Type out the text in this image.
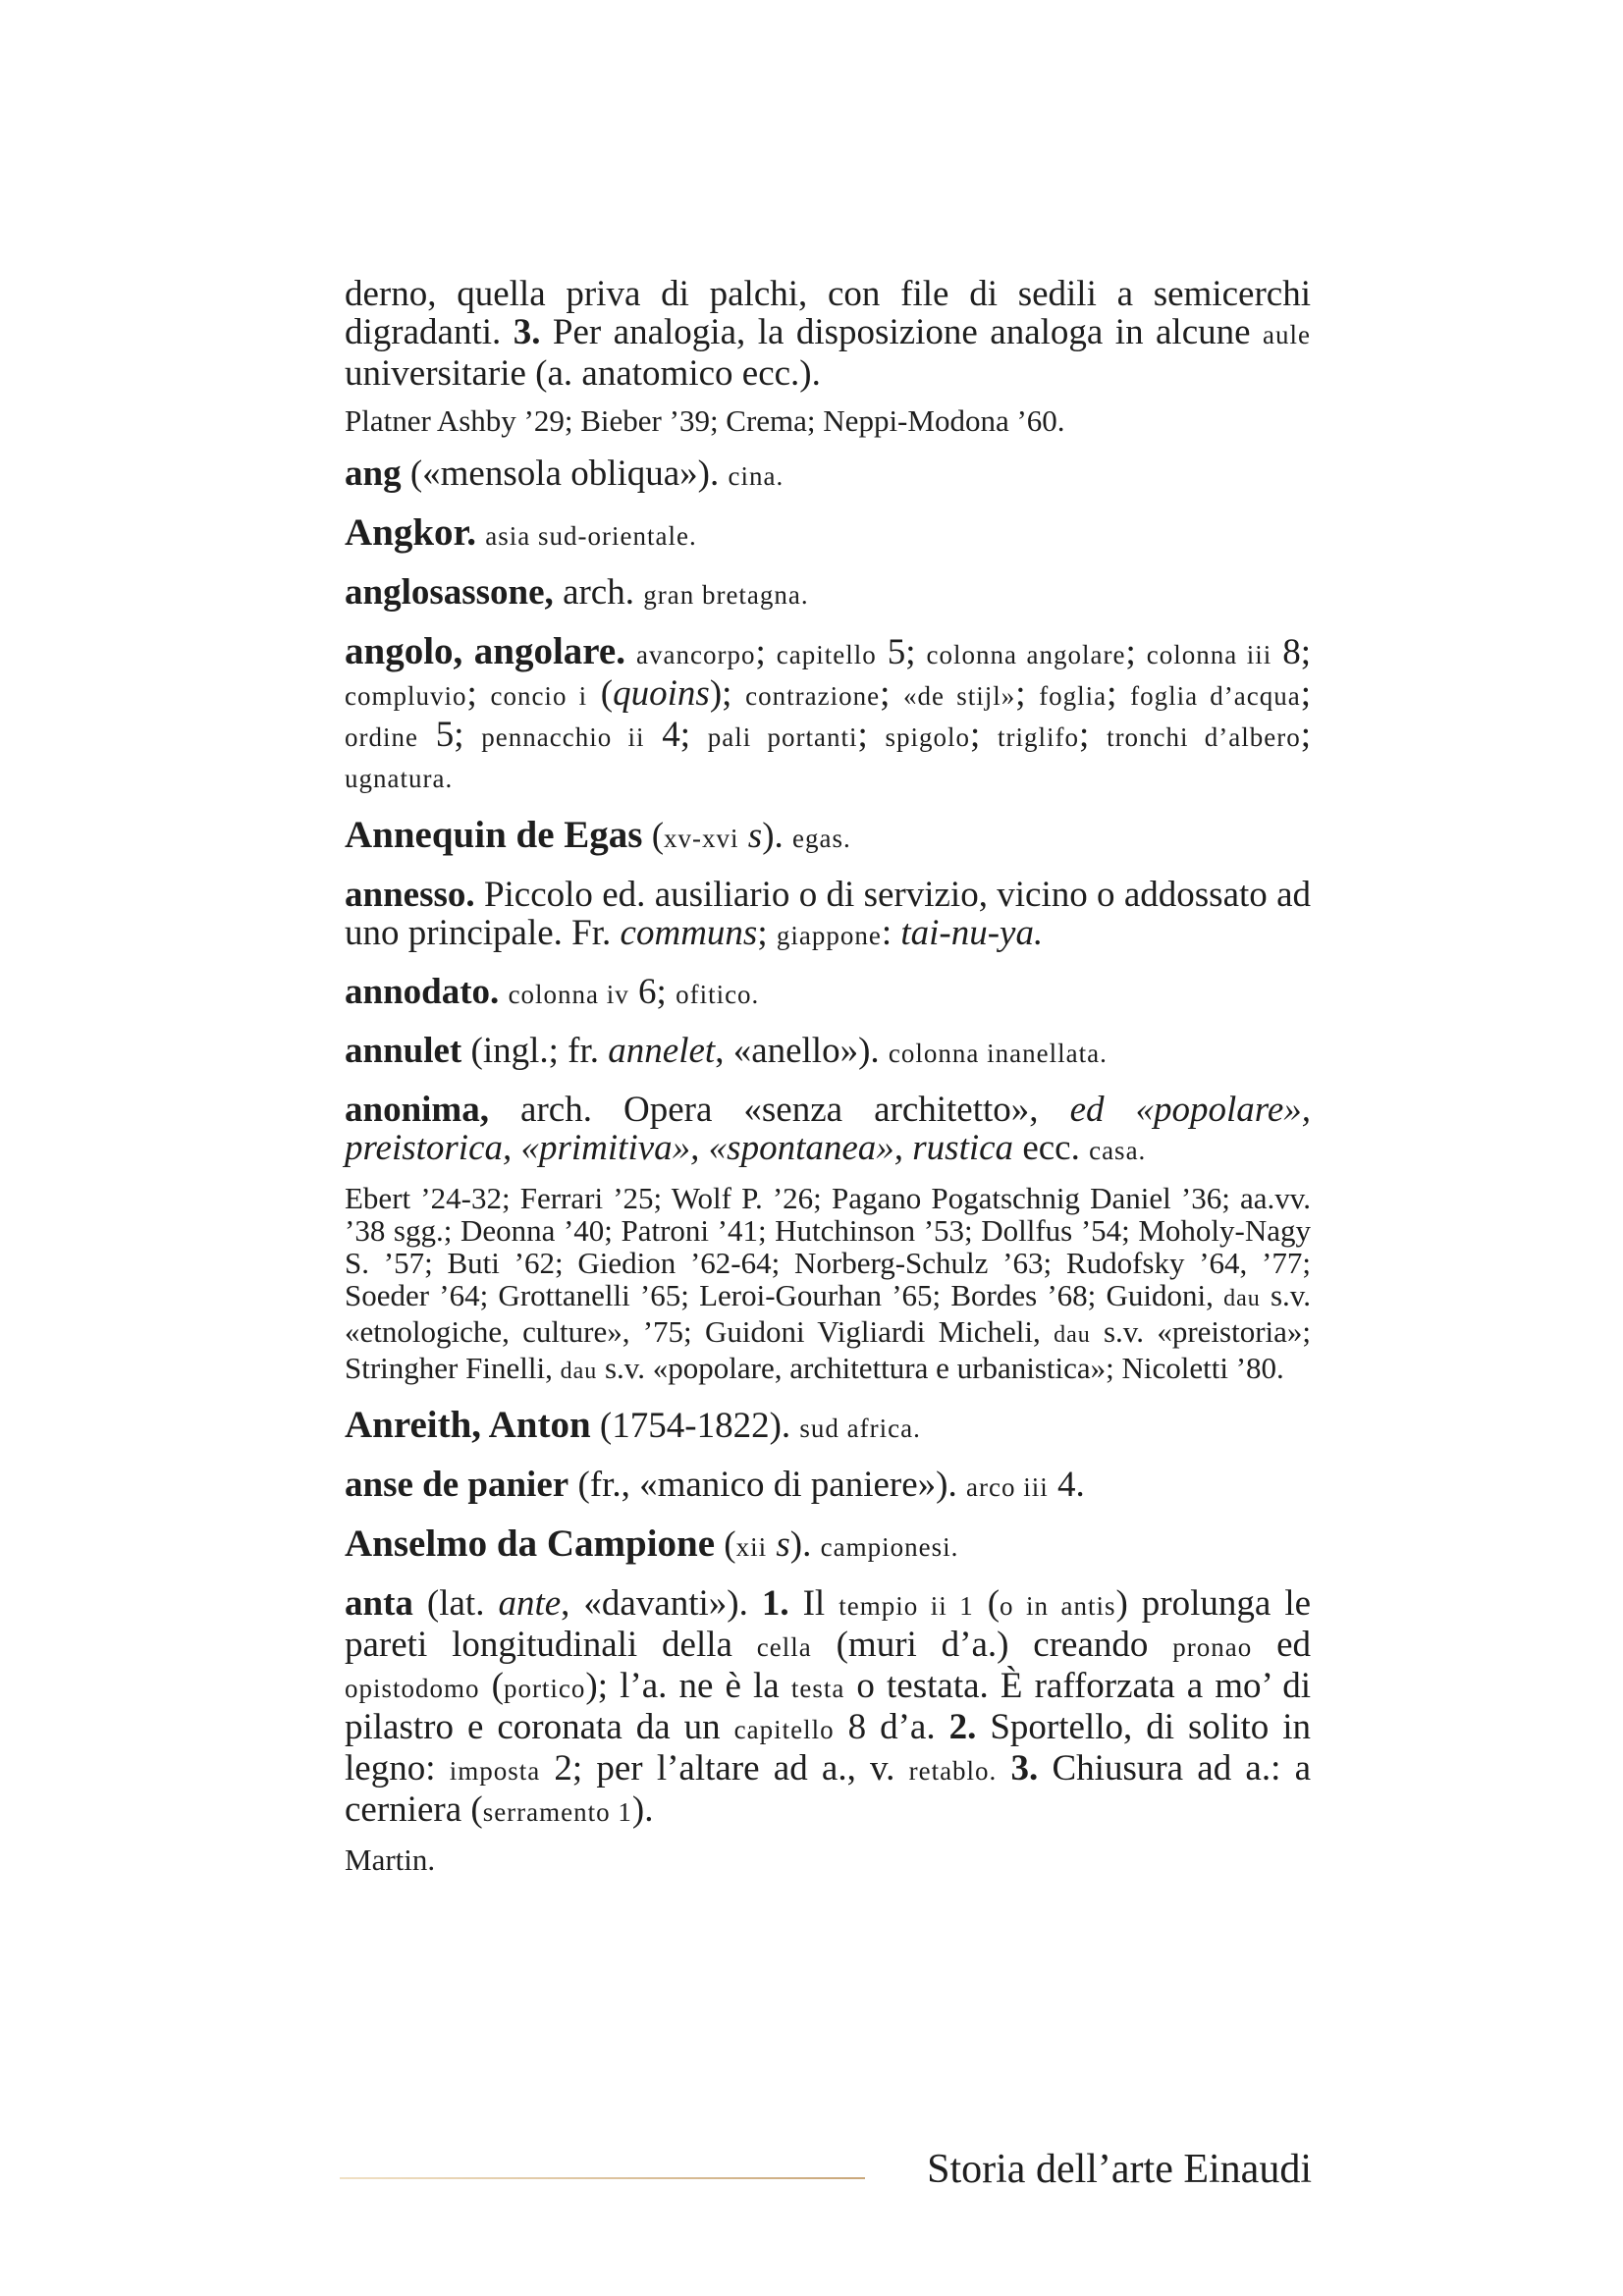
derno, quella priva di palchi, con file di sedili a semicerchi digradanti. 3. Per analogia, la disposizione analoga in alcune aule universitarie (a. anatomico ecc.).
Platner Ashby ’29; Bieber ’39; Crema; Neppi-Modona ’60.
ang («mensola obliqua»). cina.
Angkor. asia sud-orientale.
anglosassone, arch. gran bretagna.
angolo, angolare. avancorpo; capitello 5; colonna angolare; colonna iii 8; compluvio; concio i (quoins); contrazione; «de stijl»; foglia; foglia d’acqua; ordine 5; pennacchio ii 4; pali portanti; spigolo; triglifo; tronchi d’albero; ugnatura.
Annequin de Egas (xv-xvi s). egas.
annesso. Piccolo ed. ausiliario o di servizio, vicino o addossato ad uno principale. Fr. communs; giappone: tai-nu-ya.
annodato. colonna iv 6; ofitico.
annulet (ingl.; fr. annelet, «anello»). colonna inanellata.
anonima, arch. Opera «senza architetto», ed «popolare», preistorica, «primitiva», «spontanea», rustica ecc. casa.
Ebert ’24-32; Ferrari ’25; Wolf P. ’26; Pagano Pogatschnig Daniel ’36; aa.vv. ’38 sgg.; Deonna ’40; Patroni ’41; Hutchinson ’53; Dollfus ’54; Moholy-Nagy S. ’57; Buti ’62; Giedion ’62-64; Norberg-Schulz ’63; Rudofsky ’64, ’77; Soeder ’64; Grottanelli ’65; Leroi-Gourhan ’65; Bordes ’68; Guidoni, dau s.v. «etnologiche, culture», ’75; Guidoni Vigliardi Micheli, dau s.v. «preistoria»; Stringher Finelli, dau s.v. «popolare, architettura e urbanistica»; Nicoletti ’80.
Anreith, Anton (1754-1822). sud africa.
anse de panier (fr., «manico di paniere»). arco iii 4.
Anselmo da Campione (xii s). campionesi.
anta (lat. ante, «davanti»). 1. Il tempio ii 1 (o in antis) prolunga le pareti longitudinali della cella (muri d’a.) creando pronao ed opistodomo (portico); l’a. ne è la testa o testata. È rafforzata a mo’ di pilastro e coronata da un capitello 8 d’a. 2. Sportello, di solito in legno: imposta 2; per l’altare ad a., v. retablo. 3. Chiusura ad a.: a cerniera (serramento 1).
Martin.
Storia dell’arte Einaudi
